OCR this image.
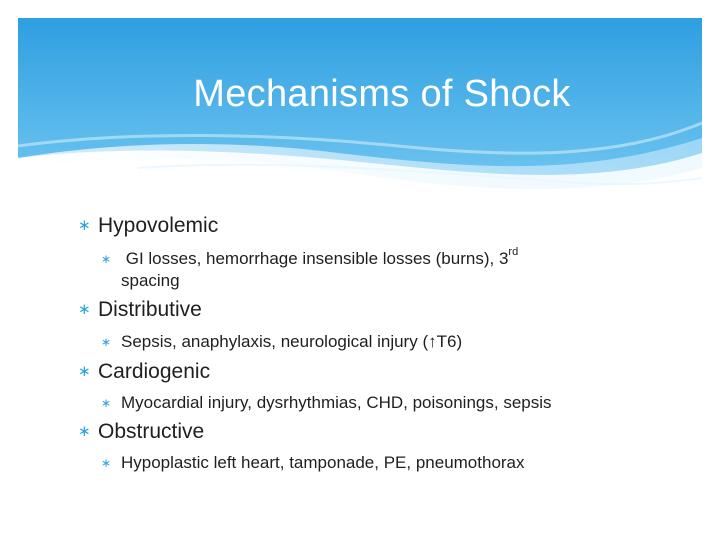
Mechanisms of Shock
∗ Hypovolemic
∗ GI losses, hemorrhage insensible losses (burns), 3rd
spacing
∗ Distributive
∗ Sepsis, anaphylaxis, neurological injury (↑T6)
∗ Cardiogenic
∗ Myocardial injury, dysrhythmias, CHD, poisonings, sepsis
∗ Obstructive
∗ Hypoplastic left heart, tamponade, PE, pneumothorax
